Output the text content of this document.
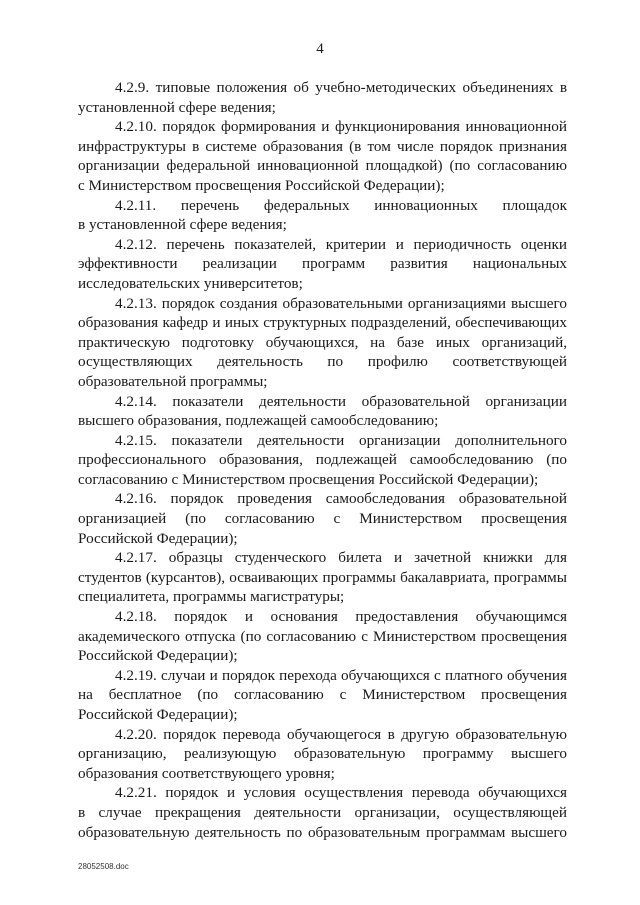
4

4.2.9. типовые положения об учебно-методических объединениях в
установленной сфере ведения;

4.2.10. порядок формирования и функционирования инновационной
инфраструктуры в системе образования (в том числе порядок признания
организации федеральной инновационной площадкой) (по согласованию
с Министерством просвещения Российской Федерации);

4.2.11. перечень федеральных инновационных площадок
в установленной сфере ведения;

4.2.12. перечень показателей, критерии и периодичность оценки
эффективности реализации программ развития национальных
исследовательских университетов;

4.2.13. порядок создания образовательными организациями высшего
образования кафедр и иных структурных подразделений, обеспечивающих
практическую подготовку обучающихся, на базе иных организаций,
осуществляющих деятельность по профилю соответствующей
образовательной программы;

4.2.14. показатели деятельности образовательной организации
высшего образования, подлежащей самообследованию;

4.2.15. показатели деятельности организации дополнительного
профессионального образования, подлежащей самообследованию (по
согласованию с Министерством просвещения Российской Федерации);

4.2.16. порядок проведения самообследования образовательной
организацией (по согласованию с Министерством просвещения
Российской Федерации);

4.2.17. образцы студенческого билета и зачетной книжки для
студентов (курсантов), осваивающих программы бакалавриата, программы
специалитета, программы магистратуры;

4.2.18. порядок и основания предоставления обучающимся
академического отпуска (по согласованию с Министерством просвещения
Российской Федерации);

4.2.19. случаи и порядок перехода обучающихся с платного обучения
на бесплатное (по согласованию с Министерством просвещения
Российской Федерации);

4.2.20. порядок перевода обучающегося в другую образовательную
организацию, реализующую образовательную программу высшего
образования соответствующего уровня;

4.2.21. порядок и условия осуществления перевода обучающихся
в случае прекращения деятельности организации, осуществляющей
образовательную деятельность по образовательным программам высшего

28052508.doc
